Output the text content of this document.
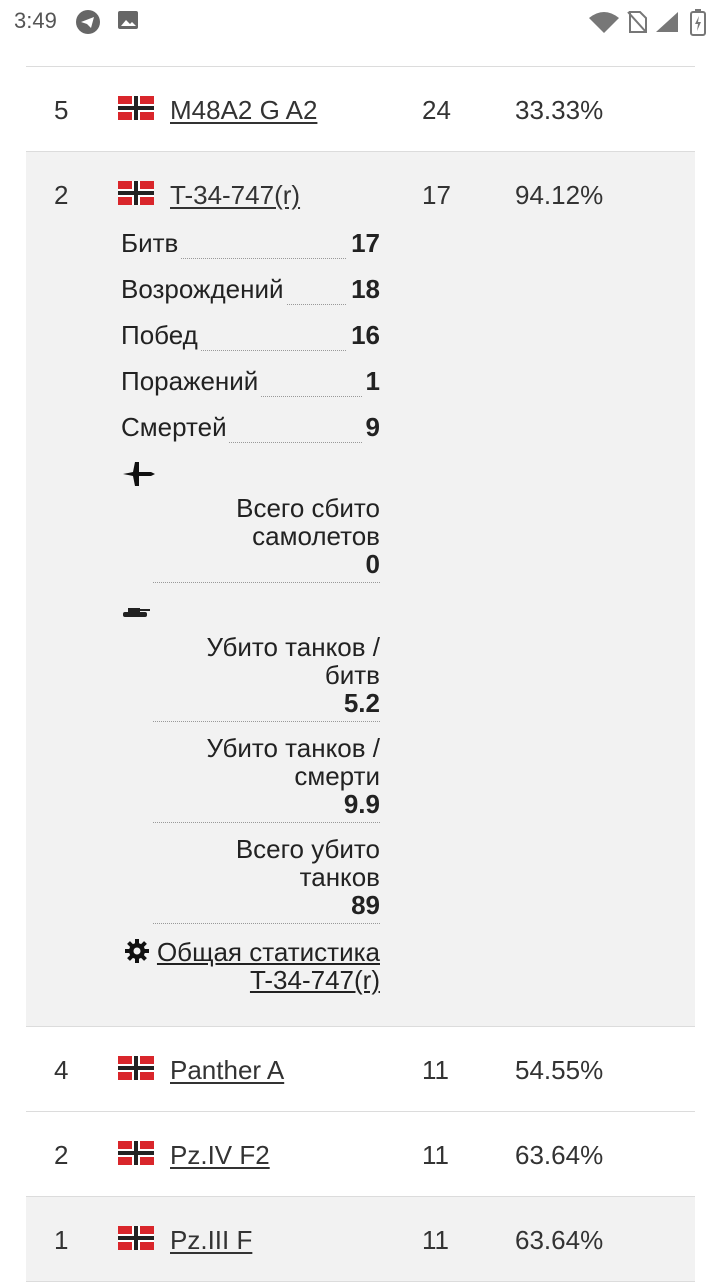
3:49
5	M48A2 G A2	24 33.33%
2	T-34-747(r)	17 94.12%
Битв	17
Возрождений	18
Побед	16
Поражений	1
Смертей	9
Всего сбито самолетов
0
Убито танков / битв
5.2
Убито танков / смерти
9.9
Всего убито танков
89
Общая статистика T-34-747(r)
4	Panther A	11	54.55%
2	Pz.IV F2	11	63.64%
1	Pz.III F	11	63.64%
